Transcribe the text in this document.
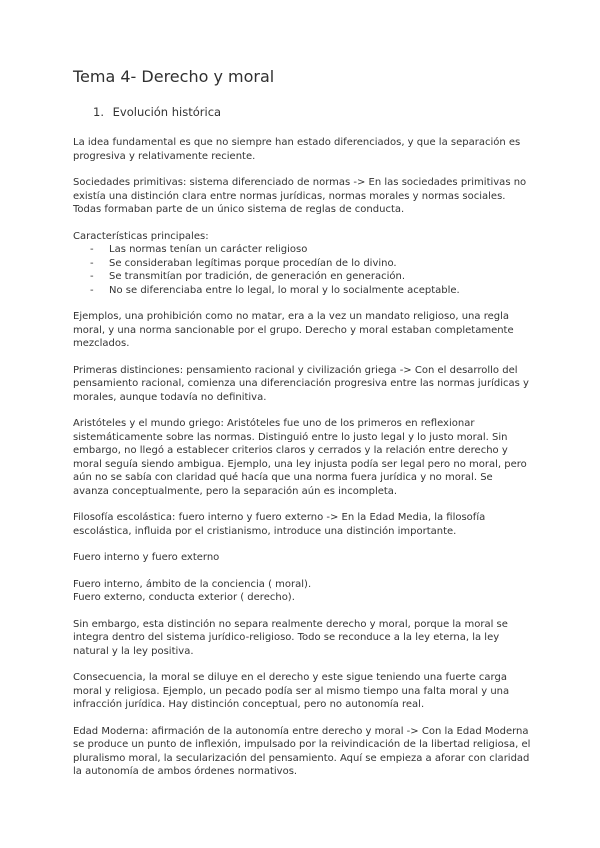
Tema 4- Derecho y moral
1. Evolución histórica

La idea fundamental es que no siempre han estado diferenciados, y que la separación es progresiva y relativamente reciente.

Sociedades primitivas: sistema diferenciado de normas -> En las sociedades primitivas no existía una distinción clara entre normas jurídicas, normas morales y normas sociales. Todas formaban parte de un único sistema de reglas de conducta.

Características principales:

- Las normas tenían un carácter religioso
- Se consideraban legítimas porque procedían de lo divino.
- Se transmitían por tradición, de generación en generación.
- No se diferenciaba entre lo legal, lo moral y lo socialmente aceptable.

Ejemplos, una prohibición como no matar, era a la vez un mandato religioso, una regla moral, y una norma sancionable por el grupo. Derecho y moral estaban completamente mezclados.

Primeras distinciones: pensamiento racional y civilización griega -> Con el desarrollo del pensamiento racional, comienza una diferenciación progresiva entre las normas jurídicas y morales, aunque todavía no definitiva.

Aristóteles y el mundo griego: Aristóteles fue uno de los primeros en reflexionar sistemáticamente sobre las normas. Distinguió entre lo justo legal y lo justo moral. Sin embargo, no llegó a establecer criterios claros y cerrados y la relación entre derecho y moral seguía siendo ambigua. Ejemplo, una ley injusta podía ser legal pero no moral, pero aún no se sabía con claridad qué hacía que una norma fuera jurídica y no moral. Se avanza conceptualmente, pero la separación aún es incompleta.

Filosofía escolástica: fuero interno y fuero externo -> En la Edad Media, la filosofía escolástica, influida por el cristianismo, introduce una distinción importante.

Fuero interno y fuero externo

Fuero interno, ámbito de la conciencia ( moral).

Fuero externo, conducta exterior ( derecho).

Sin embargo, esta distinción no separa realmente derecho y moral, porque la moral se integra dentro del sistema jurídico-religioso. Todo se reconduce a la ley eterna, la ley natural y la ley positiva.

Consecuencia, la moral se diluye en el derecho y este sigue teniendo una fuerte carga moral y religiosa. Ejemplo, un pecado podía ser al mismo tiempo una falta moral y una infracción jurídica. Hay distinción conceptual, pero no autonomía real.

Edad Moderna: afirmación de la autonomía entre derecho y moral -> Con la Edad Moderna se produce un punto de inflexión, impulsado por la reivindicación de la libertad religiosa, el pluralismo moral, la secularización del pensamiento. Aquí se empieza a aforar con claridad la autonomía de ambos órdenes normativos.
